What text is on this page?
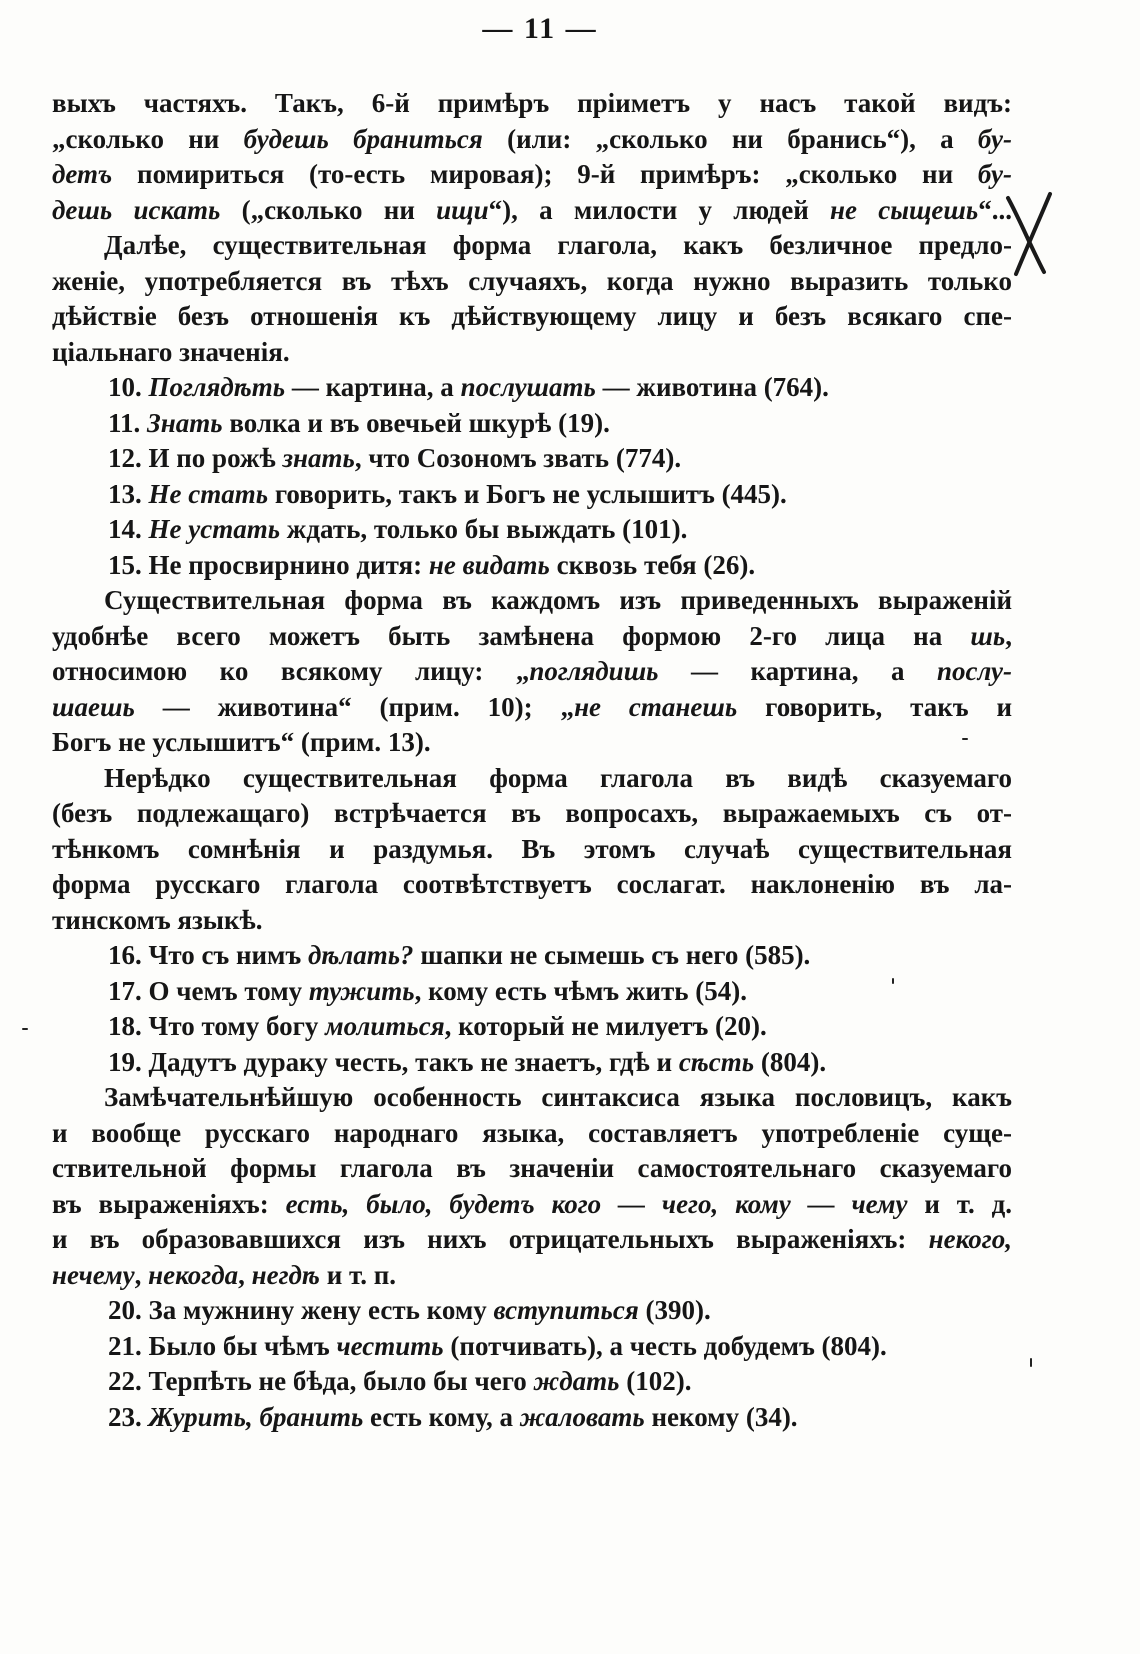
— 11 —
выхъ частяхъ. Такъ, 6-й примѣръ пріиметъ у насъ такой видъ:
„сколько ни будешь браниться (или: „сколько ни бранись“), а бу-
детъ помириться (то-есть мировая); 9-й примѣръ: „сколько ни бу-
дешь искать („сколько ни ищи“), а милости у людей не сыщешь“...
Далѣе, существительная форма глагола, какъ безличное предло-
женіе, употребляется въ тѣхъ случаяхъ, когда нужно выразить только
дѣйствіе безъ отношенія къ дѣйствующему лицу и безъ всякаго спе-
ціальнаго значенія.
10. Поглядѣть — картина, а послушать — животина (764).
11. Знать волка и въ овечьей шкурѣ (19).
12. И по рожѣ знать, что Созономъ звать (774).
13. Не стать говорить, такъ и Богъ не услышитъ (445).
14. Не устать ждать, только бы выждать (101).
15. Не просвирнино дитя: не видать сквозь тебя (26).
Существительная форма въ каждомъ изъ приведенныхъ выраженій
удобнѣе всего можетъ быть замѣнена формою 2-го лица на шь,
относимою ко всякому лицу: „поглядишь — картина, а послу-
шаешь — животина“ (прим. 10); „не станешь говорить, такъ и
Богъ не услышитъ“ (прим. 13).
Нерѣдко существительная форма глагола въ видѣ сказуемаго
(безъ подлежащаго) встрѣчается въ вопросахъ, выражаемыхъ съ от-
тѣнкомъ сомнѣнія и раздумья. Въ этомъ случаѣ существительная
форма русскаго глагола соотвѣтствуетъ сослагат. наклоненію въ ла-
тинскомъ языкѣ.
16. Что съ нимъ дѣлать? шапки не сымешь съ него (585).
17. О чемъ тому тужить, кому есть чѣмъ жить (54).
18. Что тому богу молиться, который не милуетъ (20).
19. Дадутъ дураку честь, такъ не знаетъ, гдѣ и сѣсть (804).
Замѣчательнѣйшую особенность синтаксиса языка пословицъ, какъ
и вообще русскаго народнаго языка, составляетъ употребленіе суще-
ствительной формы глагола въ значеніи самостоятельнаго сказуемаго
въ выраженіяхъ: есть, было, будетъ кого — чего, кому — чему и т. д.
и въ образовавшихся изъ нихъ отрицательныхъ выраженіяхъ: некого,
нечему, некогда, негдѣ и т. п.
20. За мужнину жену есть кому вступиться (390).
21. Было бы чѣмъ честить (потчивать), а честь добудемъ (804).
22. Терпѣть не бѣда, было бы чего ждать (102).
23. Журить, бранить есть кому, а жаловать некому (34).
